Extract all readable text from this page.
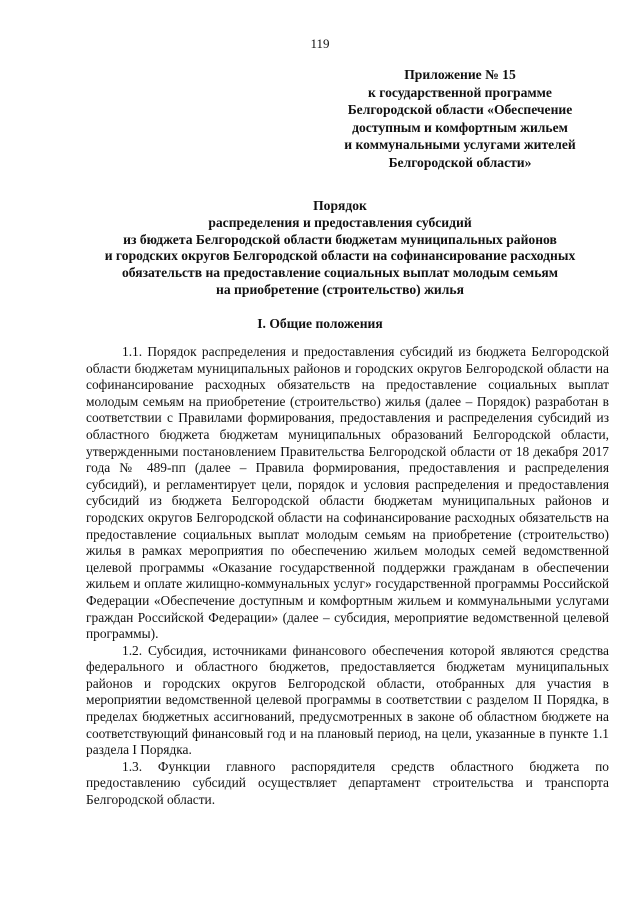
119
Приложение № 15
к государственной программе
Белгородской области «Обеспечение
доступным и комфортным жильем
и коммунальными услугами жителей
Белгородской области»
Порядок
распределения и предоставления субсидий
из бюджета Белгородской области бюджетам муниципальных районов
и городских округов Белгородской области на софинансирование расходных
обязательств на предоставление социальных выплат молодым семьям
на приобретение (строительство) жилья
I. Общие положения

1.1. Порядок распределения и предоставления субсидий из бюджета Белгородской области бюджетам муниципальных районов и городских округов Белгородской области на софинансирование расходных обязательств на предоставление социальных выплат молодым семьям на приобретение (строительство) жилья (далее – Порядок) разработан в соответствии с Правилами формирования, предоставления и распределения субсидий из областного бюджета бюджетам муниципальных образований Белгородской области, утвержденными постановлением Правительства Белгородской области от 18 декабря 2017 года № 489-пп (далее – Правила формирования, предоставления и распределения субсидий), и регламентирует цели, порядок и условия распределения и предоставления субсидий из бюджета Белгородской области бюджетам муниципальных районов и городских округов Белгородской области на софинансирование расходных обязательств на предоставление социальных выплат молодым семьям на приобретение (строительство) жилья в рамках мероприятия по обеспечению жильем молодых семей ведомственной целевой программы «Оказание государственной поддержки гражданам в обеспечении жильем и оплате жилищно-коммунальных услуг» государственной программы Российской Федерации «Обеспечение доступным и комфортным жильем и коммунальными услугами граждан Российской Федерации» (далее – субсидия, мероприятие ведомственной целевой программы).

1.2. Субсидия, источниками финансового обеспечения которой являются средства федерального и областного бюджетов, предоставляется бюджетам муниципальных районов и городских округов Белгородской области, отобранных для участия в мероприятии ведомственной целевой программы в соответствии с разделом II Порядка, в пределах бюджетных ассигнований, предусмотренных в законе об областном бюджете на соответствующий финансовый год и на плановый период, на цели, указанные в пункте 1.1 раздела I Порядка.

1.3. Функции главного распорядителя средств областного бюджета по предоставлению субсидий осуществляет департамент строительства и транспорта Белгородской области.
